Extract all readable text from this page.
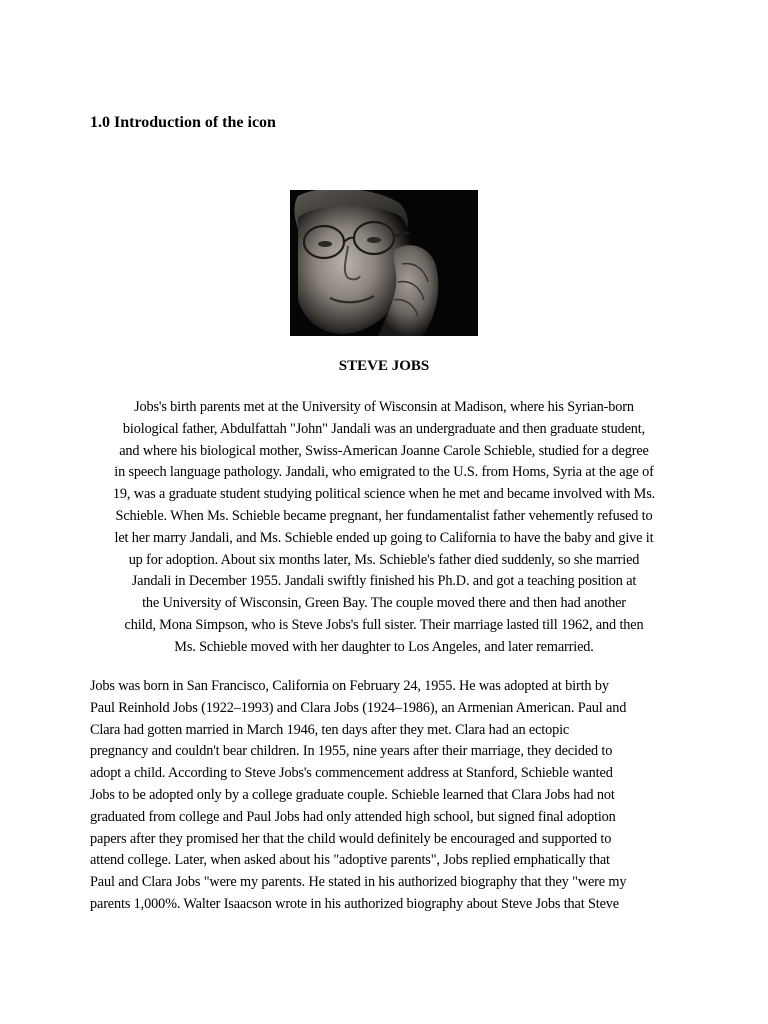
1.0 Introduction of the icon
STEVE JOBS

Jobs's birth parents met at the University of Wisconsin at Madison, where his Syrian-born
biological father, Abdulfattah "John" Jandali was an undergraduate and then graduate student,
and where his biological mother, Swiss-American Joanne Carole Schieble, studied for a degree
in speech language pathology. Jandali, who emigrated to the U.S. from Homs, Syria at the age of
19, was a graduate student studying political science when he met and became involved with Ms.
Schieble. When Ms. Schieble became pregnant, her fundamentalist father vehemently refused to
let her marry Jandali, and Ms. Schieble ended up going to California to have the baby and give it
up for adoption. About six months later, Ms. Schieble's father died suddenly, so she married
Jandali in December 1955. Jandali swiftly finished his Ph.D. and got a teaching position at
the University of Wisconsin, Green Bay. The couple moved there and then had another
child, Mona Simpson, who is Steve Jobs's full sister. Their marriage lasted till 1962, and then
Ms. Schieble moved with her daughter to Los Angeles, and later remarried.

Jobs was born in San Francisco, California on February 24, 1955. He was adopted at birth by
Paul Reinhold Jobs (1922–1993) and Clara Jobs (1924–1986), an Armenian American. Paul and
Clara had gotten married in March 1946, ten days after they met. Clara had an ectopic
pregnancy and couldn't bear children. In 1955, nine years after their marriage, they decided to
adopt a child. According to Steve Jobs's commencement address at Stanford, Schieble wanted
Jobs to be adopted only by a college graduate couple. Schieble learned that Clara Jobs had not
graduated from college and Paul Jobs had only attended high school, but signed final adoption
papers after they promised her that the child would definitely be encouraged and supported to
attend college. Later, when asked about his "adoptive parents", Jobs replied emphatically that
Paul and Clara Jobs "were my parents. He stated in his authorized biography that they "were my
parents 1,000%. Walter Isaacson wrote in his authorized biography about Steve Jobs that Steve
